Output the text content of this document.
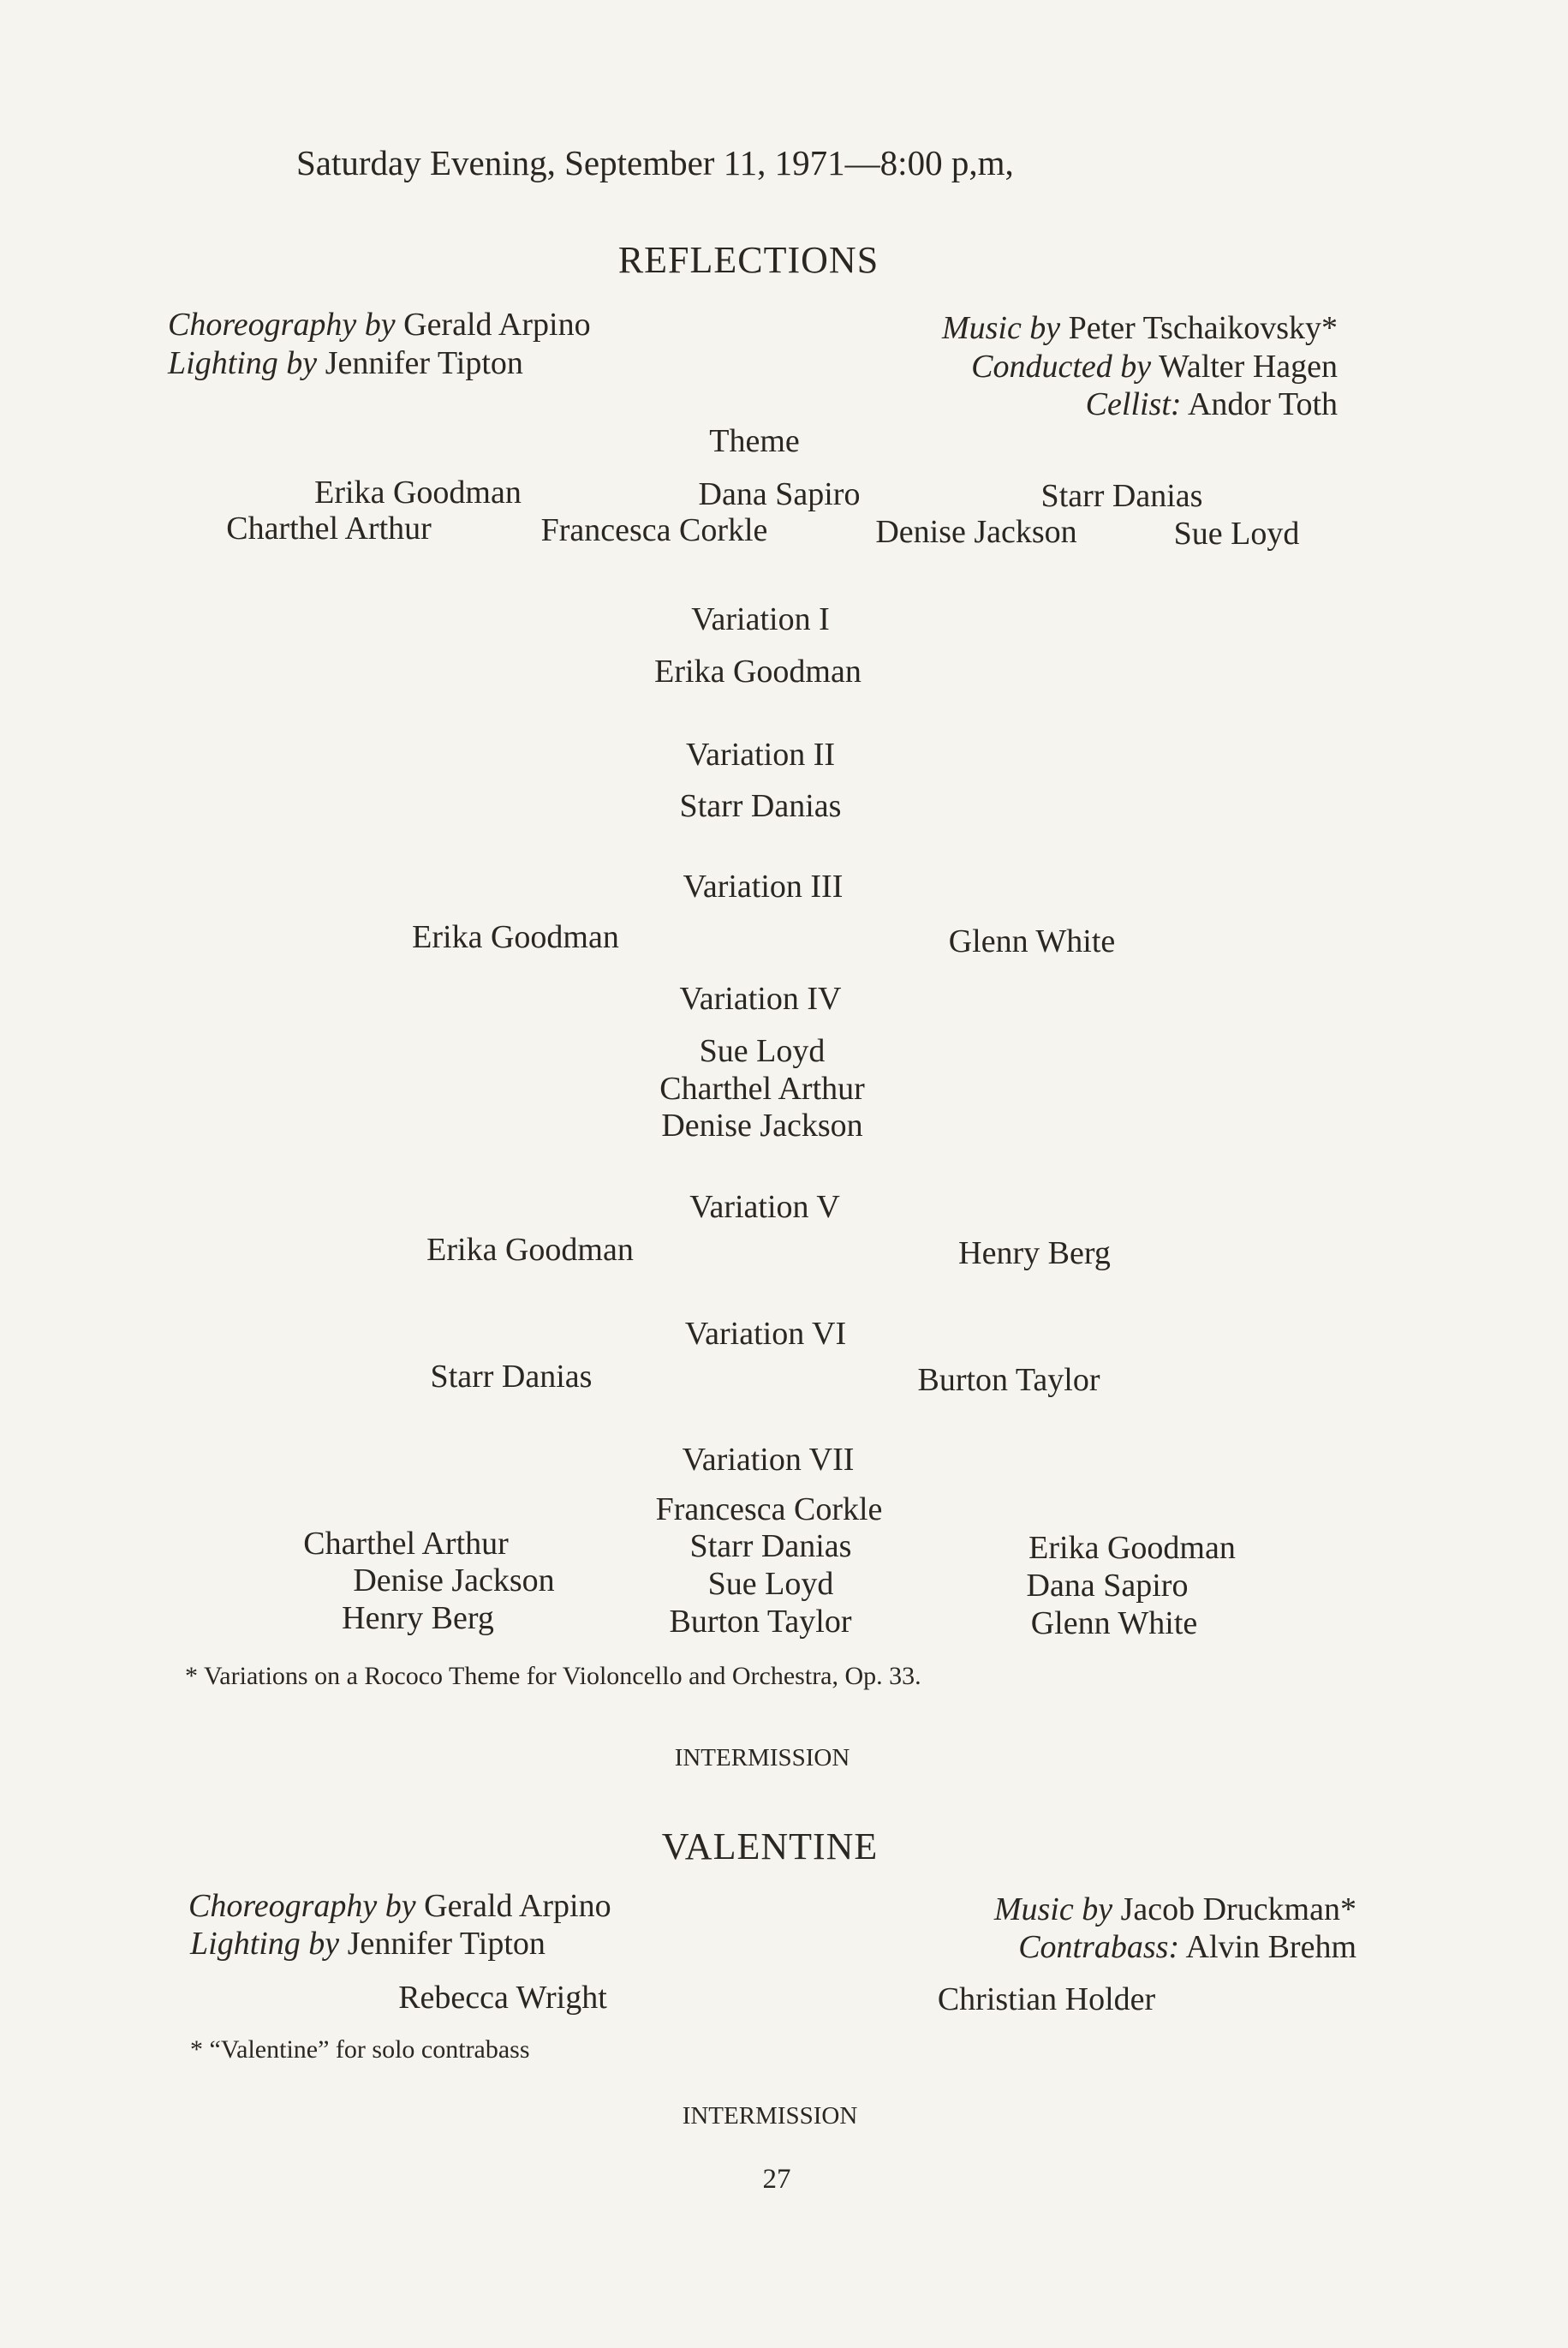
Saturday Evening, September 11, 1971—8:00 p,m,
REFLECTIONS
Choreography by Gerald Arpino
Lighting by Jennifer Tipton
Music by Peter Tschaikovsky*
Conducted by Walter Hagen
Cellist: Andor Toth
Theme
Erika Goodman	Dana Sapiro	Starr Danias
Charthel Arthur	Francesca Corkle	Denise Jackson	Sue Loyd
Variation I
Erika Goodman
Variation II
Starr Danias
Variation III
Erika Goodman	Glenn White
Variation IV
Sue Loyd
Charthel Arthur
Denise Jackson
Variation V
Erika Goodman	Henry Berg
Variation VI
Starr Danias	Burton Taylor
Variation VII
Francesca Corkle
Starr Danias
Sue Loyd
Burton Taylor
Charthel Arthur
Denise Jackson
Henry Berg
Erika Goodman
Dana Sapiro
Glenn White
* Variations on a Rococo Theme for Violoncello and Orchestra, Op. 33.
INTERMISSION
VALENTINE
Choreography by Gerald Arpino
Lighting by Jennifer Tipton
Music by Jacob Druckman*
Contrabass: Alvin Brehm
Rebecca Wright	Christian Holder
* “Valentine” for solo contrabass
INTERMISSION
27
